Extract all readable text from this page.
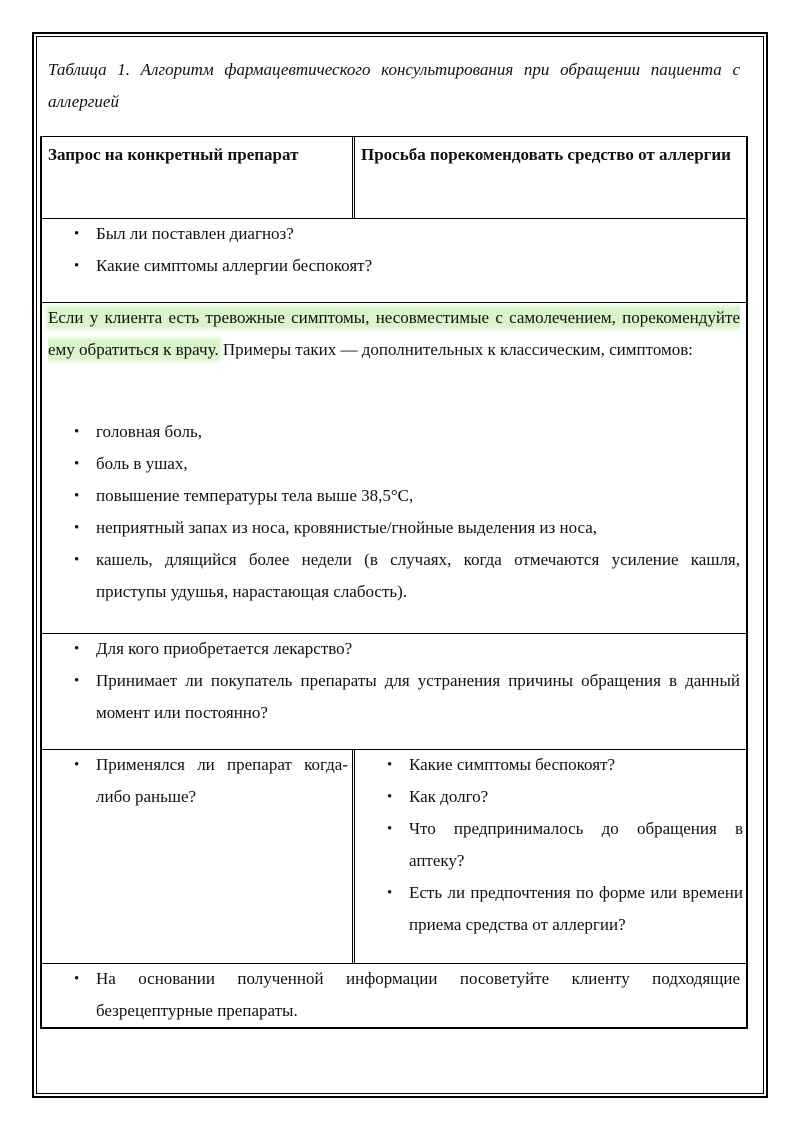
Таблица 1. Алгоритм фармацевтического консультирования при обращении пациента с аллергией
Запрос на конкретный препарат	Просьба порекомендовать средство от аллергии
• Был ли поставлен диагноз?
• Какие симптомы аллергии беспокоят?
Если у клиента есть тревожные симптомы, несовместимые с самолечением, порекомендуйте ему обратиться к врачу. Примеры таких — дополнительных к классическим, симптомов:
• головная боль,
• боль в ушах,
• повышение температуры тела выше 38,5°С,
• неприятный запах из носа, кровянистые/гнойные выделения из носа,
• кашель, длящийся более недели (в случаях, когда отмечаются усиление кашля, приступы удушья, нарастающая слабость).
• Для кого приобретается лекарство?
• Принимает ли покупатель препараты для устранения причины обращения в данный момент или постоянно?
• Применялся ли препарат когда-либо раньше?
• Какие симптомы беспокоят?
• Как долго?
• Что предпринималось до обращения в аптеку?
• Есть ли предпочтения по форме или времени приема средства от аллергии?
• На основании полученной информации посоветуйте клиенту подходящие безрецептурные препараты.
